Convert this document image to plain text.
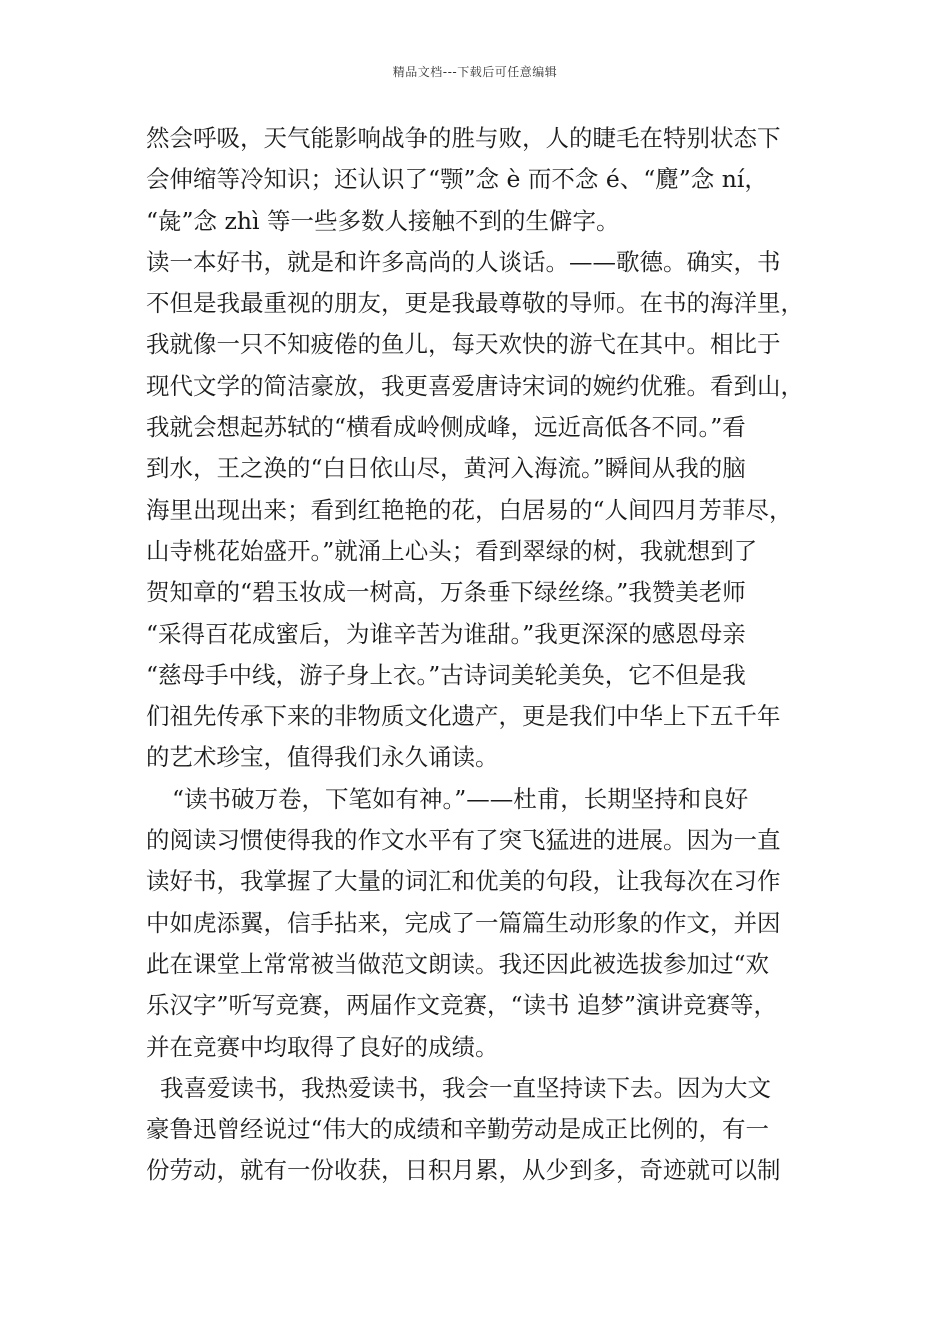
精品文档---下载后可任意编辑
然会呼吸，天气能影响战争的胜与败，人的睫毛在特别状态下
会伸缩等冷知识；还认识了“颚”念 è 而不念 é、“麑”念 ní，
“彘”念 zhì 等一些多数人接触不到的生僻字。
读一本好书，就是和许多高尚的人谈话。——歌德。确实，书
不但是我最重视的朋友，更是我最尊敬的导师。在书的海洋里，
我就像一只不知疲倦的鱼儿，每天欢快的游弋在其中。相比于
现代文学的简洁豪放，我更喜爱唐诗宋词的婉约优雅。看到山，
我就会想起苏轼的“横看成岭侧成峰，远近高低各不同。”看
到水，王之涣的“白日依山尽，黄河入海流。”瞬间从我的脑
海里出现出来；看到红艳艳的花，白居易的“人间四月芳菲尽，
山寺桃花始盛开。”就涌上心头；看到翠绿的树，我就想到了
贺知章的“碧玉妆成一树高，万条垂下绿丝绦。”我赞美老师
“采得百花成蜜后，为谁辛苦为谁甜。”我更深深的感恩母亲
“慈母手中线，游子身上衣。”古诗词美轮美奂，它不但是我
们祖先传承下来的非物质文化遗产，更是我们中华上下五千年
的艺术珍宝，值得我们永久诵读。
“读书破万卷，下笔如有神。”——杜甫，长期坚持和良好
的阅读习惯使得我的作文水平有了突飞猛进的进展。因为一直
读好书，我掌握了大量的词汇和优美的句段，让我每次在习作
中如虎添翼，信手拈来，完成了一篇篇生动形象的作文，并因
此在课堂上常常被当做范文朗读。我还因此被选拔参加过“欢
乐汉字”听写竞赛，两届作文竞赛，“读书 追梦”演讲竞赛等，
并在竞赛中均取得了良好的成绩。
我喜爱读书，我热爱读书，我会一直坚持读下去。因为大文
豪鲁迅曾经说过“伟大的成绩和辛勤劳动是成正比例的，有一
份劳动，就有一份收获，日积月累，从少到多，奇迹就可以制
